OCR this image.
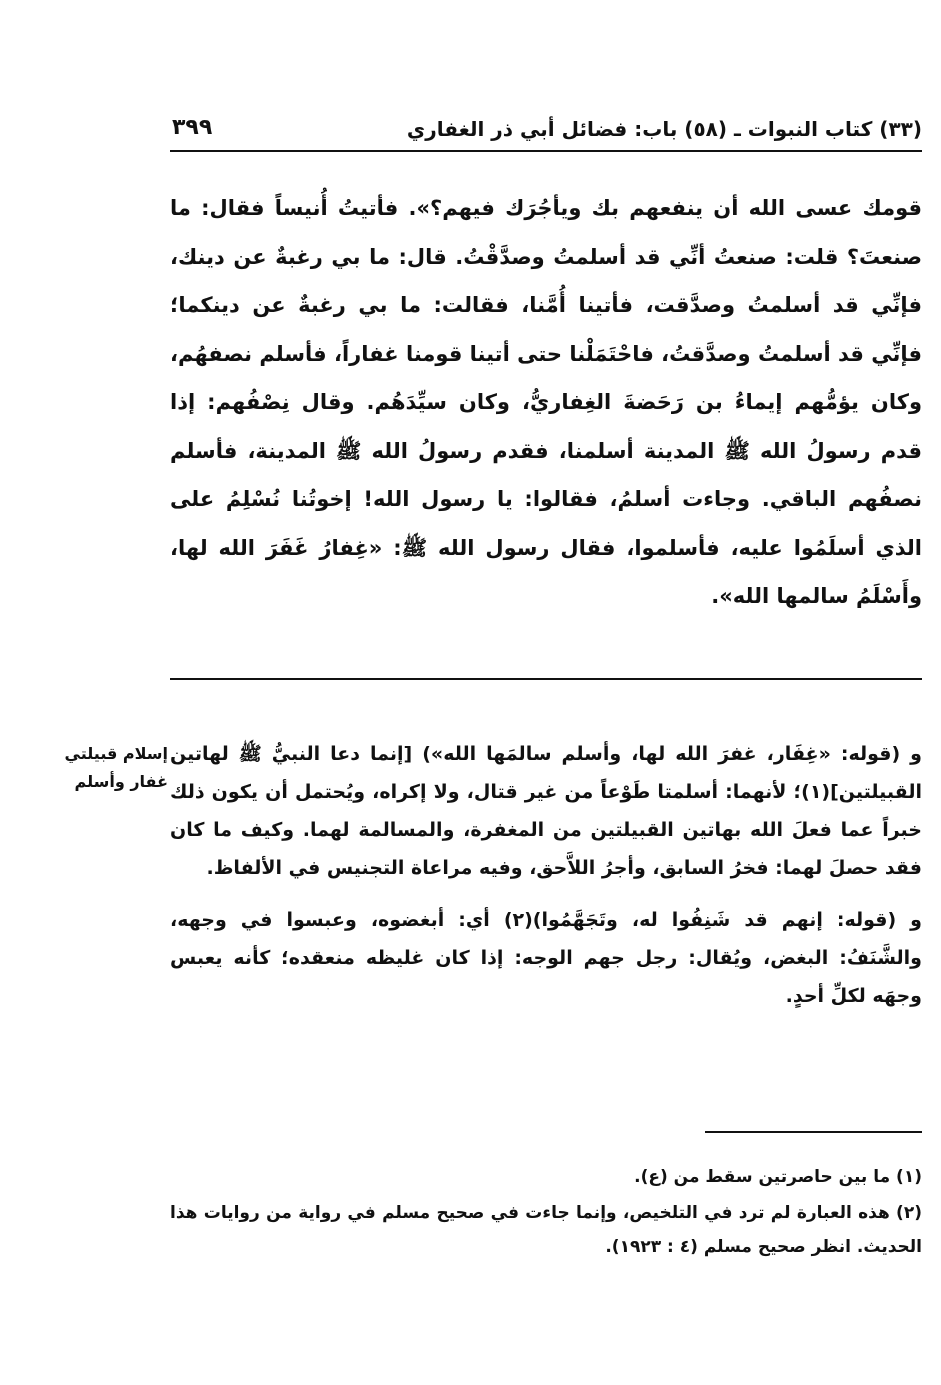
(٣٣) كتاب النبوات ـ (٥٨) باب: فضائل أبي ذر الغفاري
٣٩٩

قومك عسى الله أن ينفعهم بك ويأجُرَك فيهم؟». فأتيتُ أُنيساً فقال: ما صنعتَ؟ قلت: صنعتُ أنِّي قد أسلمتُ وصدَّقْتُ. قال: ما بي رغبةٌ عن دينك، فإنِّي قد أسلمتُ وصدَّقت، فأتينا أُمَّنا، فقالت: ما بي رغبةٌ عن دينكما؛ فإنِّي قد أسلمتُ وصدَّقتُ، فاحْتَمَلْنا حتى أتينا قومنا غفاراً، فأسلم نصفهُم، وكان يؤمُّهم إيماءُ بن رَحَضةَ الغِفاريُّ، وكان سيِّدَهُم. وقال نِصْفُهم: إذا قدم رسولُ الله ﷺ المدينة أسلمنا، فقدم رسولُ الله ﷺ المدينة، فأسلم نصفُهم الباقي. وجاءت أسلمُ، فقالوا: يا رسول الله! إخوتُنا نُسْلِمُ على الذي أسلَمُوا عليه، فأسلموا، فقال رسول الله ﷺ: «غِفارُ غَفَرَ الله لها، وأَسْلَمُ سالمها الله».

إسلام قبيلتي غفار وأسلم

و (قوله: «غِفَار، غفرَ الله لها، وأسلم سالمَها الله») [إنما دعا النبيُّ ﷺ لهاتين القبيلتين](١)؛ لأنهما: أسلمتا طَوْعاً من غير قتال، ولا إكراه، ويُحتمل أن يكون ذلك خبراً عما فعلَ الله بهاتين القبيلتين من المغفرة، والمسالمة لهما. وكيف ما كان فقد حصلَ لهما: فخرُ السابق، وأجرُ اللاَّحق، وفيه مراعاة التجنيس في الألفاظ.

و (قوله: إنهم قد شَنِفُوا له، وتَجَهَّمُوا)(٢) أي: أبغضوه، وعبسوا في وجهه، والشَّنَفُ: البغض، ويُقال: رجل جهم الوجه: إذا كان غليظه منعقده؛ كأنه يعبس وجهَه لكلِّ أحدٍ.

(١) ما بين حاصرتين سقط من (ع).

(٢) هذه العبارة لم ترد في التلخيص، وإنما جاءت في صحيح مسلم في رواية من روايات هذا الحديث. انظر صحيح مسلم (٤ : ١٩٢٣).
